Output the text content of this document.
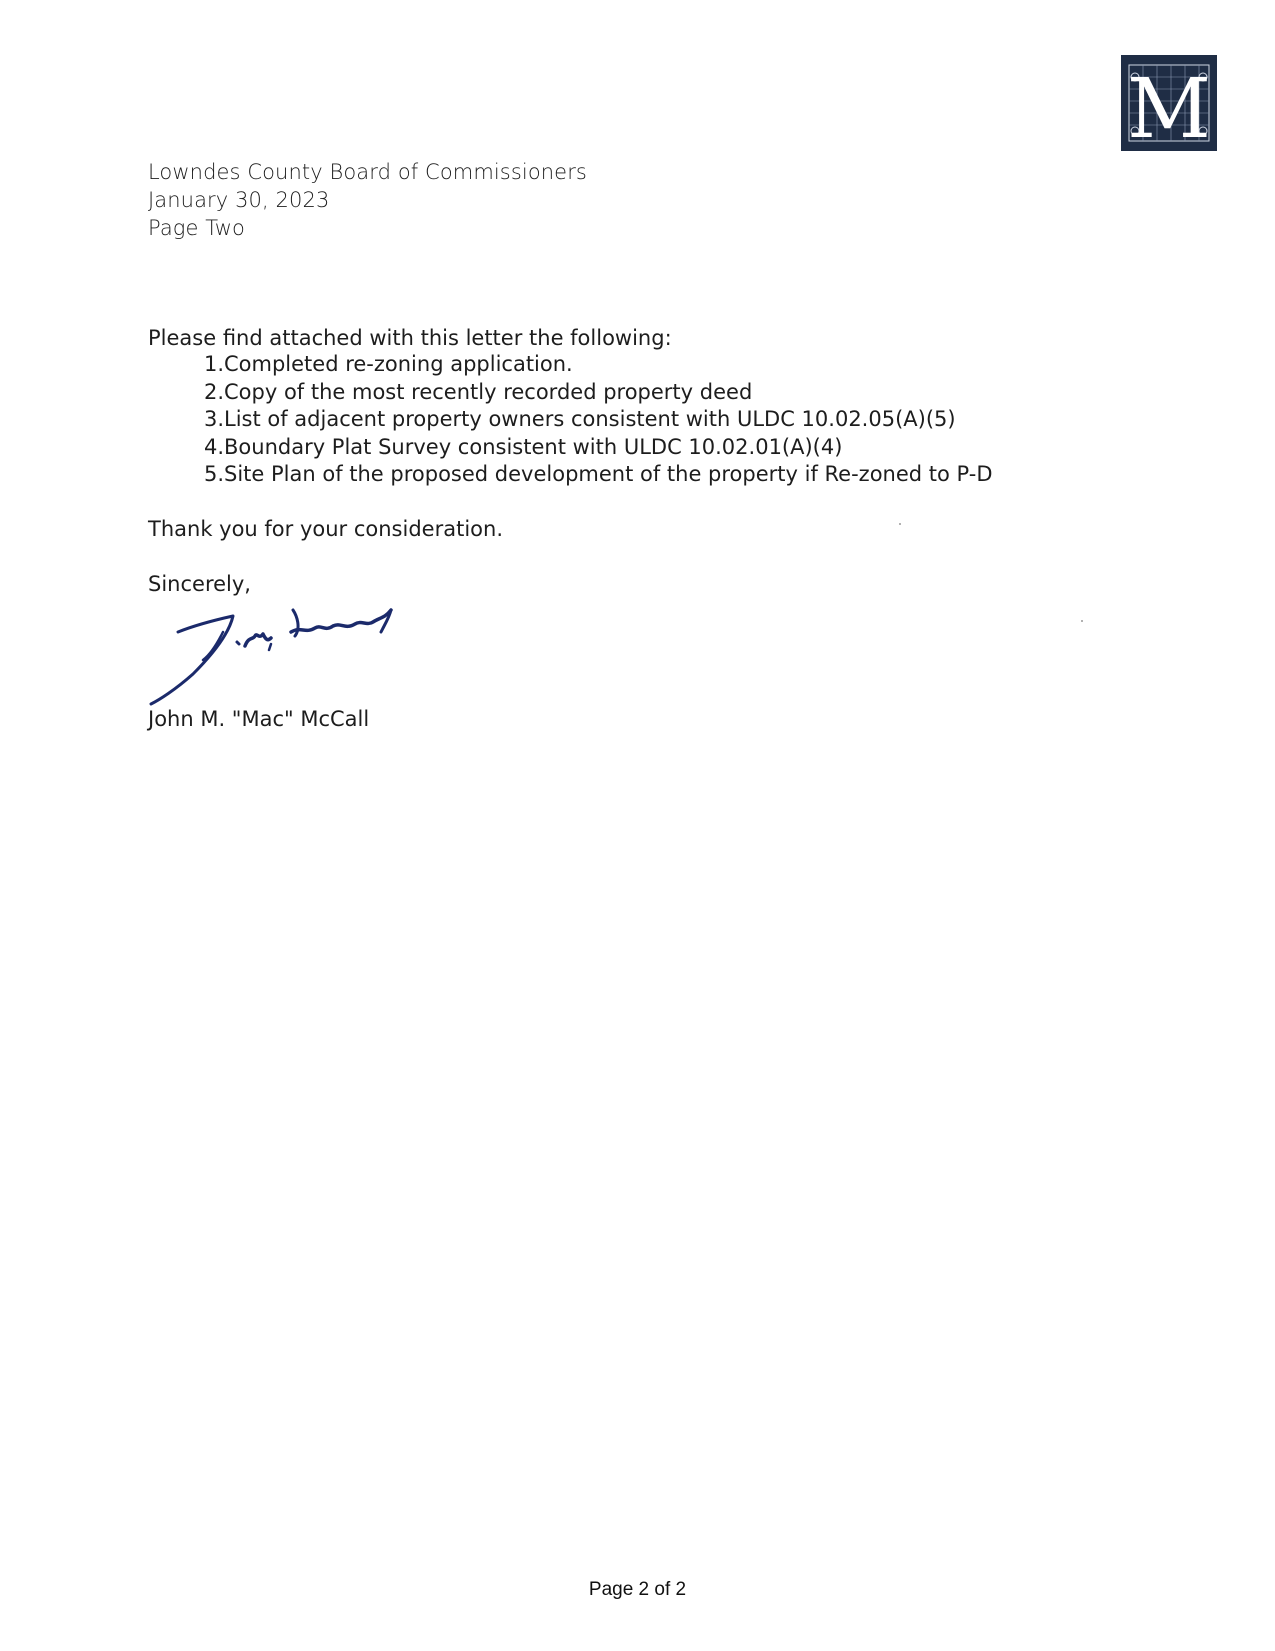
M
Lowndes County Board of Commissioners
January 30, 2023
Page Two
Please find attached with this letter the following:
1. Completed re-zoning application.
2. Copy of the most recently recorded property deed
3. List of adjacent property owners consistent with ULDC 10.02.05(A)(5)
4. Boundary Plat Survey consistent with ULDC 10.02.01(A)(4)
5. Site Plan of the proposed development of the property if Re-zoned to P-D
Thank you for your consideration.
Sincerely,
John M. "Mac" McCall
Page 2 of 2
